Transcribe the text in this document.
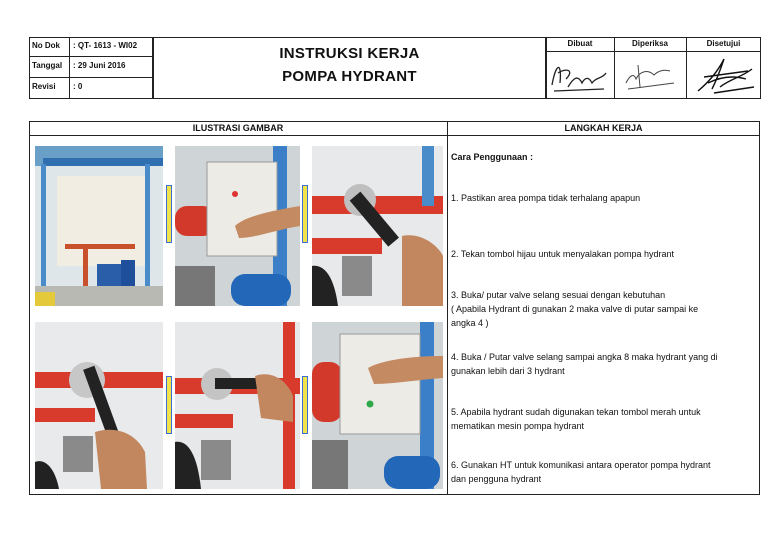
No Dok	: QT- 1613 - WI02
Tanggal	: 29 Juni 2016
Revisi	: 0
INSTRUKSI KERJA
POMPA HYDRANT
Dibuat	Diperiksa	Disetujui
ILUSTRASI GAMBAR	LANGKAH KERJA
Cara Penggunaan :
1. Pastikan area pompa tidak terhalang apapun
2. Tekan tombol hijau untuk menyalakan pompa hydrant
3. Buka/ putar valve selang sesuai dengan kebutuhan
( Apabila Hydrant di gunakan 2 maka valve di putar sampai ke
angka 4 )
4. Buka / Putar valve selang sampai angka 8 maka hydrant yang di
gunakan lebih dari 3 hydrant
5. Apabila hydrant sudah digunakan tekan tombol merah untuk
mematikan mesin pompa hydrant
6. Gunakan HT untuk komunikasi antara operator pompa hydrant
dan pengguna hydrant
